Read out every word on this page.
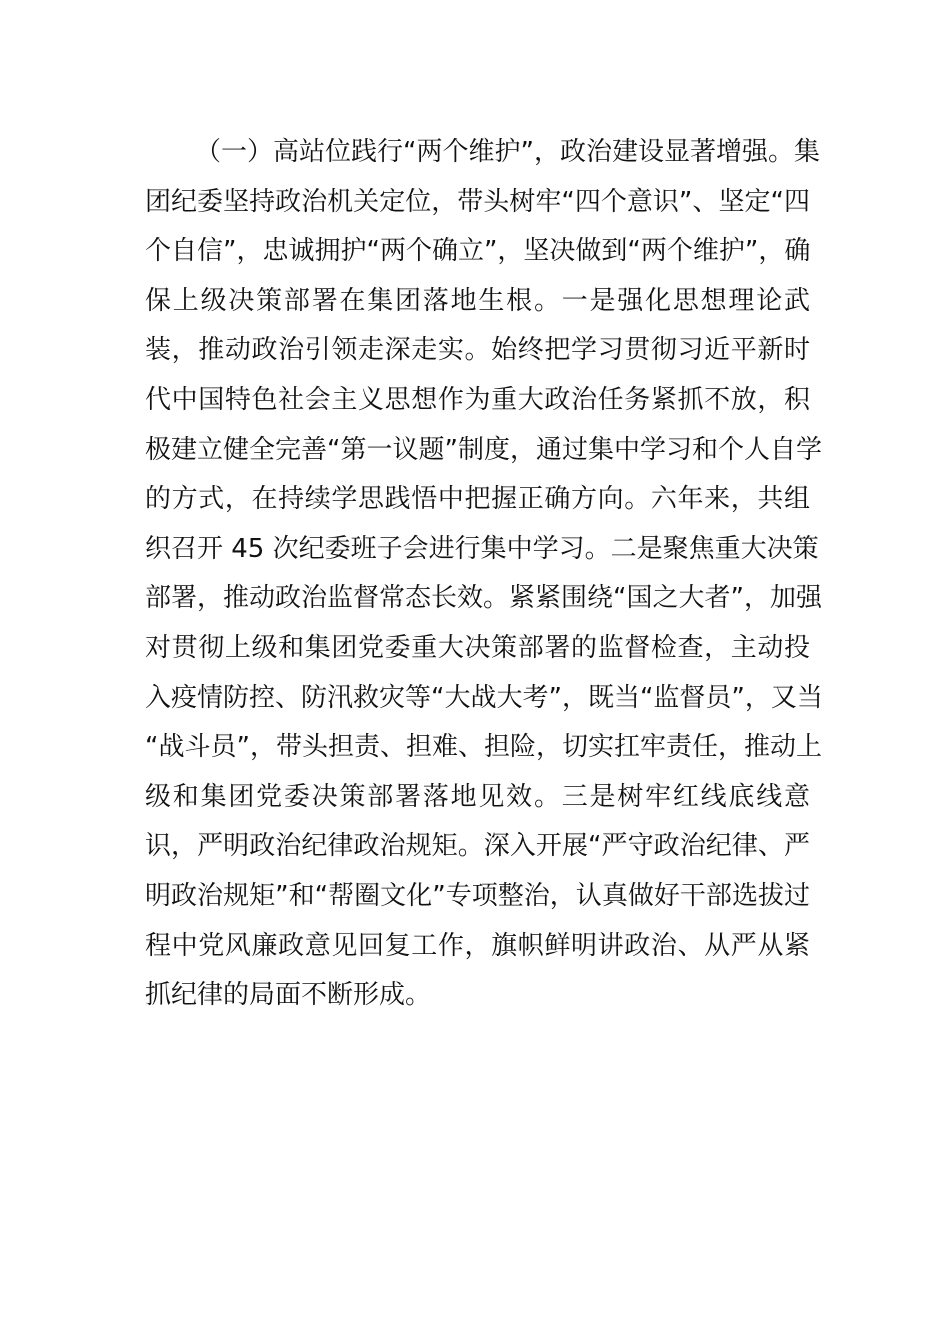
（一）高站位践行“两个维护”，政治建设显著增强。集
团纪委坚持政治机关定位，带头树牢“四个意识”、坚定“四
个自信”，忠诚拥护“两个确立”，坚决做到“两个维护”，确
保上级决策部署在集团落地生根。一是强化思想理论武
装，推动政治引领走深走实。始终把学习贯彻习近平新时
代中国特色社会主义思想作为重大政治任务紧抓不放，积
极建立健全完善“第一议题”制度，通过集中学习和个人自学
的方式，在持续学思践悟中把握正确方向。六年来，共组
织召开 45 次纪委班子会进行集中学习。二是聚焦重大决策
部署，推动政治监督常态长效。紧紧围绕“国之大者”，加强
对贯彻上级和集团党委重大决策部署的监督检查，主动投
入疫情防控、防汛救灾等“大战大考”，既当“监督员”，又当
“战斗员”，带头担责、担难、担险，切实扛牢责任，推动上
级和集团党委决策部署落地见效。三是树牢红线底线意
识，严明政治纪律政治规矩。深入开展“严守政治纪律、严
明政治规矩”和“帮圈文化”专项整治，认真做好干部选拔过
程中党风廉政意见回复工作，旗帜鲜明讲政治、从严从紧
抓纪律的局面不断形成。
